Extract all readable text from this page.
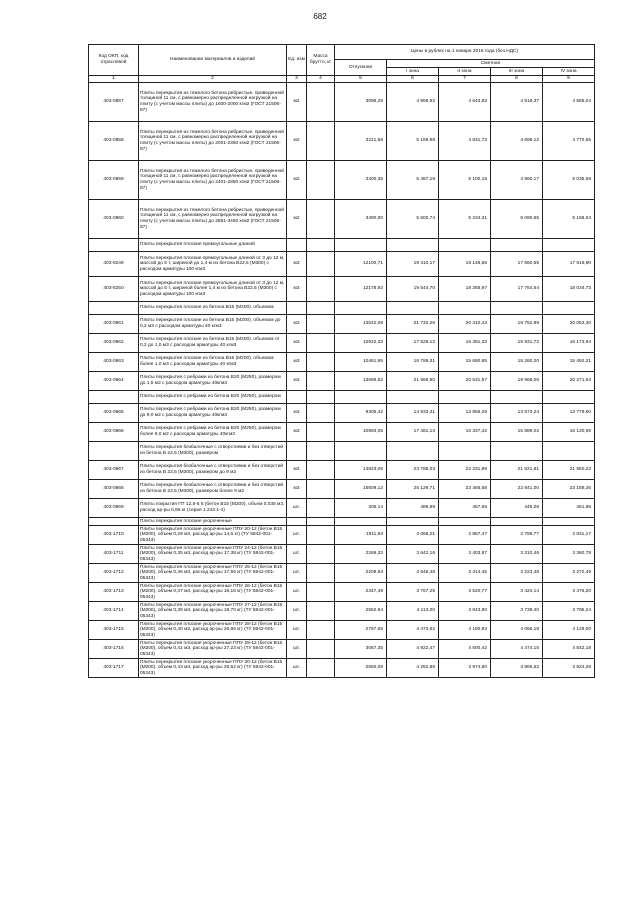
682
Код ОКП, код отраслевой	Наименование материалов и изделий	Ед. изм	Масса брутто, кг	Цены в рублях на 1 января 2016 года (без НДС)				
				Отпускная	Сметная			
					I зона	II зона	III зона	IV зона
1	2	3	4	5	6	7	8	9
403-0857	Плиты перекрытия из тяжелого бетона ребристые, приведенной толщиной 11 см, с равномерно распределенной нагрузкой на плиту (с учетом массы плиты) до 1600-2000 кгм2 (ГОСТ 21506-87)	м2		3096,29	4 968,92	4 643,83	4 518,37	4 585,04
403-0858	Плиты перекрытия из тяжелого бетона ребристые, приведенной толщиной 11 см, с равномерно распределенной нагрузкой на плиту (с учетом массы плиты) до 2001-2350 кгм2 (ГОСТ 21506-87)	м2		3221,58	5 169,98	4 831,73	4 699,12	4 770,55
403-0859	Плиты перекрытия из тяжелого бетона ребристые, приведенной толщиной 11 см, с равномерно распределенной нагрузкой на плиту (с учетом массы плиты) до 2401-2850 кгм2 (ГОСТ 21506-87)	м2		3400,35	5 457,19	5 100,15	4 960,17	5 035,58
403-0860	Плиты перекрытия из тяжелого бетона ребристые, приведенной толщиной 11 см, с равномерно распределенной нагрузкой на плиту (с учетом массы плиты) до 2851-3450 кгм2 (ГОСТ 21506-87)	м2		3490,00	5 600,74	5 234,31	5 090,65	5 168,04
	Плиты перекрытия плоские прямоугольные длиной							
403-8249	Плиты перекрытия плоские прямоугольные длиной от 3 до 12 м, массой до 5 т, шириной до 1,4 м из бетона В22,5 (М300) с расходом арматуры 100 кгм3	м3		12100,71	19 410,17	18 148,66	17 660,55	17 918,90
403-8250	Плиты перекрытия плоские прямоугольные длиной от 3 до 12 м, массой до 5 т, шириной более 1,4 м из бетона В22,5 (М300) с расходом арматуры 100 кгм3	м3		12178,92	19 544,70	18 265,97	17 764,64	18 034,73
	Плиты перекрытия плоские из бетона В15 (М200), объемом							
403-0861	Плиты перекрытия плоские из бетона В15 (М200), объемом до 0,2 м3 с расходом арматуры 40 кгм3	м3		13542,08	21 732,26	20 310,43	19 752,99	20 053,30
403-0862	Плиты перекрытия плоские из бетона В15 (М200), объемом от 0,2 до 1,0 м3 с расходом арматуры 40 кгм3	м3		10922,33	17 528,12	16 381,33	15 931,72	16 173,94
403-0863	Плиты перекрытия плоские из бетона В15 (М200), объемом более 1,0 м3 с расходом арматуры 40 кгм3	м3		10461,95	16 789,31	15 690,85	15 260,20	15 492,21
403-0864	Плиты перекрытия с ребрами из бетона В20 (М250), размером до 1,5 м2 с расходом арматуры 40кгм3	м3		13689,52	21 968,90	20 531,57	19 968,06	20 271,64
	Плиты перекрытия с ребрами из бетона В20 (М250), размером							
403-0865	Плиты перекрытия с ребрами из бетона В20 (М250), размером до 9,0 м2 с расходом арматуры 40кгм3	м3		9305,42	14 933,31	13 956,29	13 573,24	13 779,60
403-0866	Плиты перекрытия с ребрами из бетона В20 (М250), размером более 9,0 м2 с расходом арматуры 40кгм3	м3		10893,05	17 481,13	16 337,42	15 889,02	16 130,59
	Плиты перекрытия безбалочные с отверстиями и без отверстий из бетона В 22,5 (М300), размером							
403-0867	Плиты перекрытия безбалочные с отверстиями и без отверстий из бетона В 22,5 (М300), размером до 9 м2	м3		14823,06	23 788,03	22 231,98	21 621,81	21 950,23
403-0868	Плиты перекрытия безбалочные с отверстиями и без отверстий из бетона В 22,5 (М300), размером более 9 м2	м3		15609,12	25 129,71	23 485,58	22 841,00	23 188,26
403-0869	Плиты покрытия ПТ 12,5-6 6 (бетон В15 (М200), объем 0,038 м3, расход ар-ры 0,86 кг (серия 1.243.1-4)	шт.		305,14	489,69	457,65	445,09	451,85
	Плиты перекрытия плоские укороченные							
403-1710	Плиты перекрытия плоские укороченные ППУ 20-12 (бетон В15 (М200), объем 0,29 м3, расход ар-ры 14,6 кг) (ТУ 5842-001-05343)	шт.		1911,93	3 068,21	2 867,47	2 788,77	2 831,17
403-1711	Плиты перекрытия плоские укороченные ППУ 24-12 (бетон В15 (М200), объем 0,35 м3, расход ар-ры 17,38 кг) (ТУ 5842-001-05343)	шт.		2269,33	3 642,16	3 403,87	3 310,46	3 360,78
403-1712	Плиты перекрытия плоские укороченные ППУ 25-12 (бетон В15 (М200), объем 0,36 м3, расход ар-ры 17,56 кг) (ТУ 5842-001-05343)	шт.		2209,93	3 546,48	3 314,45	3 223,48	3 272,49
403-1713	Плиты перекрытия плоские укороченные ППУ 26-12 (бетон В15 (М200), объем 0,37 м3, расход ар-ры 18,16 кг) (ТУ 5842-001-05343)	шт.		2347,49	3 767,25	3 520,77	3 424,14	3 476,20
403-1714	Плиты перекрытия плоские укороченные ППУ 27-12 (бетон В15 (М200), объем 0,39 м3, расход ар-ры 18,70 кг) (ТУ 5842-001-05343)	шт.		2562,94	4 113,00	3 843,90	3 738,40	3 795,24
403-1715	Плиты перекрытия плоские укороченные ППУ 28-12 (бетон В15 (М200), объем 0,40 м3, расход ар-ры 26,86 кг) (ТУ 5842-001-05343)	шт.		2787,65	4 473,62	4 180,93	4 066,18	4 128,00
403-1716	Плиты перекрытия плоские укороченные ППУ 29-12 (бетон В15 (М200), объем 0,41 м3, расход ар-ры 27,23 кг) (ТУ 5842-001-05343)	шт.		3067,35	4 922,47	4 600,42	4 474,15	4 542,18
403-1717	Плиты перекрытия плоские укороченные ППУ 30-12 (бетон В15 (М200), объем 0,43 м3, расход ар-ры 28,52 кг) (ТУ 5842-001-05343)	шт.		2650,09	4 252,85	3 974,60	3 865,52	3 924,28
